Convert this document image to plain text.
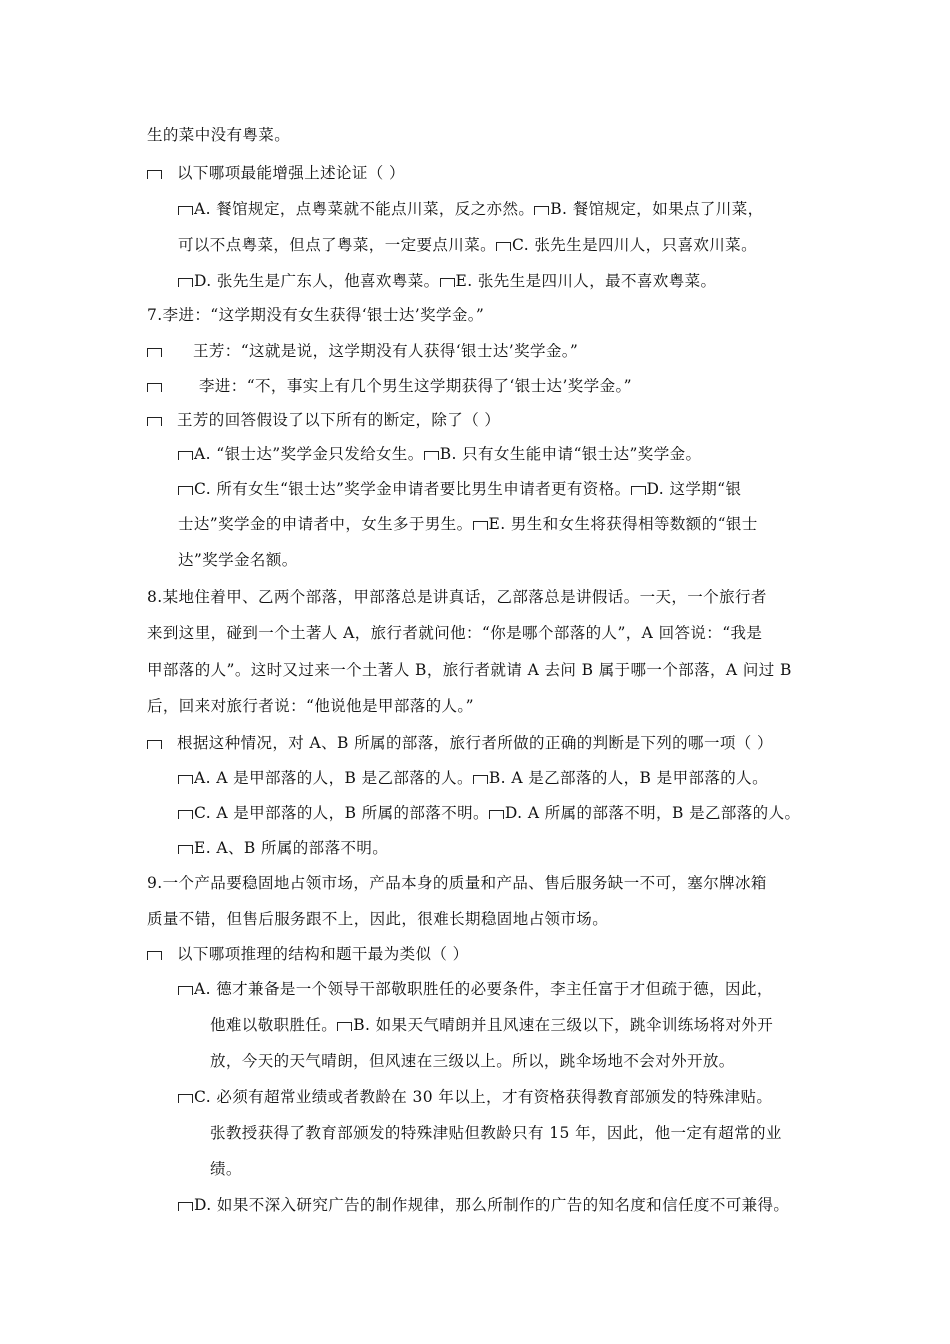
生的菜中没有粤菜。
以下哪项最能增强上述论证（ ）
A. 餐馆规定，点粤菜就不能点川菜，反之亦然。 B. 餐馆规定，如果点了川菜，
可以不点粤菜，但点了粤菜，一定要点川菜。 C. 张先生是四川人，只喜欢川菜。
D. 张先生是广东人，他喜欢粤菜。 E. 张先生是四川人，最不喜欢粤菜。
7.李进：“这学期没有女生获得‘银士达’奖学金。”
王芳：“这就是说，这学期没有人获得‘银士达’奖学金。”
李进：“不，事实上有几个男生这学期获得了‘银士达’奖学金。”
王芳的回答假设了以下所有的断定，除了（ ）
A. “银士达”奖学金只发给女生。 B. 只有女生能申请“银士达”奖学金。
C. 所有女生“银士达”奖学金申请者要比男生申请者更有资格。 D. 这学期“银
士达”奖学金的申请者中，女生多于男生。 E. 男生和女生将获得相等数额的“银士
达”奖学金名额。
8.某地住着甲、乙两个部落，甲部落总是讲真话，乙部落总是讲假话。一天，一个旅行者
来到这里，碰到一个土著人 A，旅行者就问他：“你是哪个部落的人”，A 回答说：“我是
甲部落的人”。这时又过来一个土著人 B，旅行者就请 A 去问 B 属于哪一个部落，A 问过 B
后，回来对旅行者说：“他说他是甲部落的人。”
根据这种情况，对 A、B 所属的部落，旅行者所做的正确的判断是下列的哪一项（ ）
A. A 是甲部落的人，B 是乙部落的人。 B. A 是乙部落的人，B 是甲部落的人。
C. A 是甲部落的人，B 所属的部落不明。 D. A 所属的部落不明，B 是乙部落的人。
E. A、B 所属的部落不明。
9.一个产品要稳固地占领市场，产品本身的质量和产品、售后服务缺一不可，塞尔牌冰箱
质量不错，但售后服务跟不上，因此，很难长期稳固地占领市场。
以下哪项推理的结构和题干最为类似（ ）
A. 德才兼备是一个领导干部敬职胜任的必要条件，李主任富于才但疏于德，因此，
他难以敬职胜任。 B. 如果天气晴朗并且风速在三级以下，跳伞训练场将对外开
放，今天的天气晴朗，但风速在三级以上。所以，跳伞场地不会对外开放。
C. 必须有超常业绩或者教龄在 30 年以上，才有资格获得教育部颁发的特殊津贴。
张教授获得了教育部颁发的特殊津贴但教龄只有 15 年，因此，他一定有超常的业
绩。
D. 如果不深入研究广告的制作规律，那么所制作的广告的知名度和信任度不可兼得。
